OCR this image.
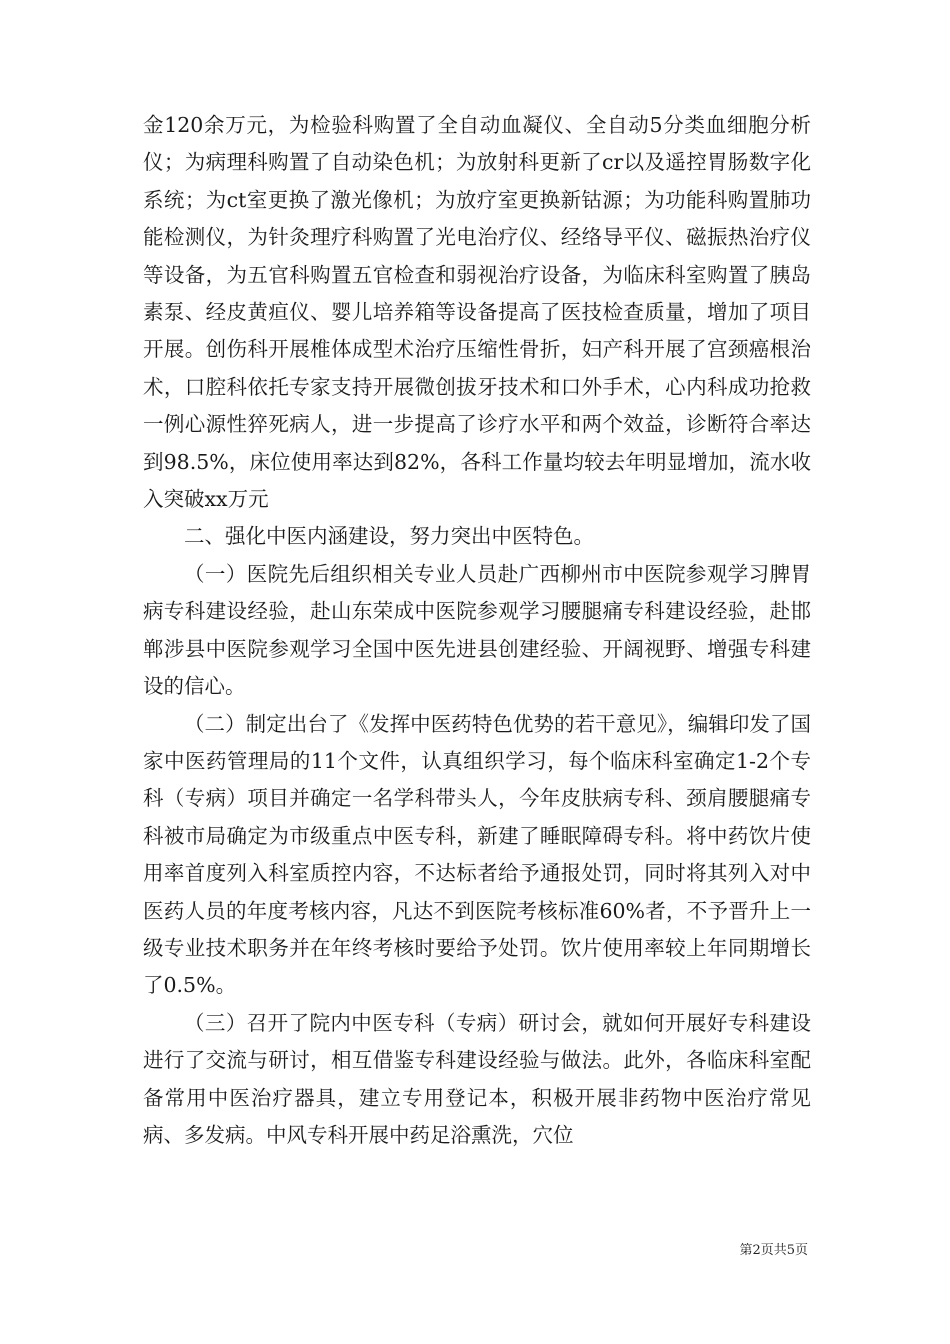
金120余万元，为检验科购置了全自动血凝仪、全自动5分类血细胞分析仪；为病理科购置了自动染色机；为放射科更新了cr以及遥控胃肠数字化系统；为ct室更换了激光像机；为放疗室更换新钴源；为功能科购置肺功能检测仪，为针灸理疗科购置了光电治疗仪、经络导平仪、磁振热治疗仪等设备，为五官科购置五官检查和弱视治疗设备，为临床科室购置了胰岛素泵、经皮黄疸仪、婴儿培养箱等设备提高了医技检查质量，增加了项目开展。创伤科开展椎体成型术治疗压缩性骨折，妇产科开展了宫颈癌根治术，口腔科依托专家支持开展微创拔牙技术和口外手术，心内科成功抢救一例心源性猝死病人，进一步提高了诊疗水平和两个效益，诊断符合率达到98.5%，床位使用率达到82%，各科工作量均较去年明显增加，流水收入突破xx万元

二、强化中医内涵建设，努力突出中医特色。

（一）医院先后组织相关专业人员赴广西柳州市中医院参观学习脾胃病专科建设经验，赴山东荣成中医院参观学习腰腿痛专科建设经验，赴邯郸涉县中医院参观学习全国中医先进县创建经验、开阔视野、增强专科建设的信心。

（二）制定出台了《发挥中医药特色优势的若干意见》，编辑印发了国家中医药管理局的11个文件，认真组织学习，每个临床科室确定1-2个专科（专病）项目并确定一名学科带头人，今年皮肤病专科、颈肩腰腿痛专科被市局确定为市级重点中医专科，新建了睡眠障碍专科。将中药饮片使用率首度列入科室质控内容，不达标者给予通报处罚，同时将其列入对中医药人员的年度考核内容，凡达不到医院考核标准60%者，不予晋升上一级专业技术职务并在年终考核时要给予处罚。饮片使用率较上年同期增长了0.5%。

（三）召开了院内中医专科（专病）研讨会，就如何开展好专科建设进行了交流与研讨，相互借鉴专科建设经验与做法。此外，各临床科室配备常用中医治疗器具，建立专用登记本，积极开展非药物中医治疗常见病、多发病。中风专科开展中药足浴熏洗，穴位

第2页共5页
